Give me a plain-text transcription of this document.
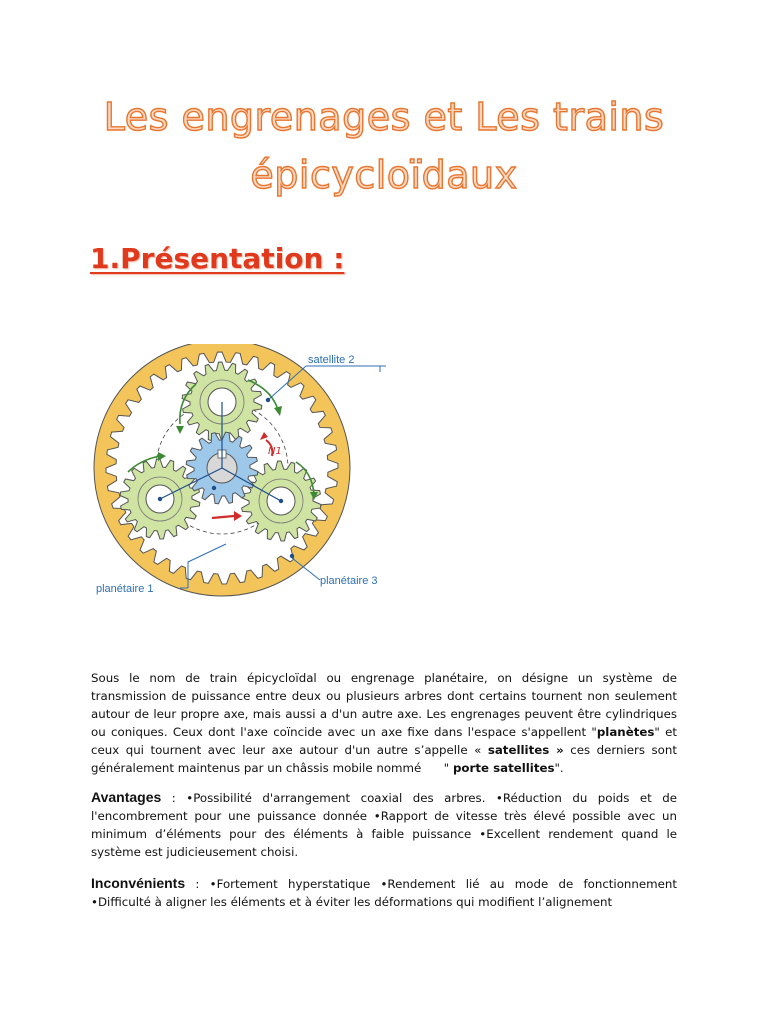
Les engrenages et Les trains
épicycloïdaux
1.Présentation :
N1
satellite 2
planétaire 1
planétaire 3

Sous le nom de train épicycloïdal ou engrenage planétaire, on désigne un système de transmission de puissance entre deux ou plusieurs arbres dont certains tournent non seulement autour de leur propre axe, mais aussi a d'un autre axe. Les engrenages peuvent être cylindriques ou coniques. Ceux dont l'axe coïncide avec un axe fixe dans l'espace s'appellent "planètes" et ceux qui tournent avec leur axe autour d'un autre s’appelle « satellites » ces derniers sont généralement maintenus par un châssis mobile nommé      " porte satellites".

Avantages : •Possibilité d'arrangement coaxial des arbres. •Réduction du poids et de l'encombrement pour une puissance donnée •Rapport de vitesse très élevé possible avec un minimum d’éléments pour des éléments à faible puissance •Excellent rendement quand le système est judicieusement choisi.

Inconvénients : •Fortement hyperstatique •Rendement lié au mode de fonctionnement •Difficulté à aligner les éléments et à éviter les déformations qui modifient l’alignement
